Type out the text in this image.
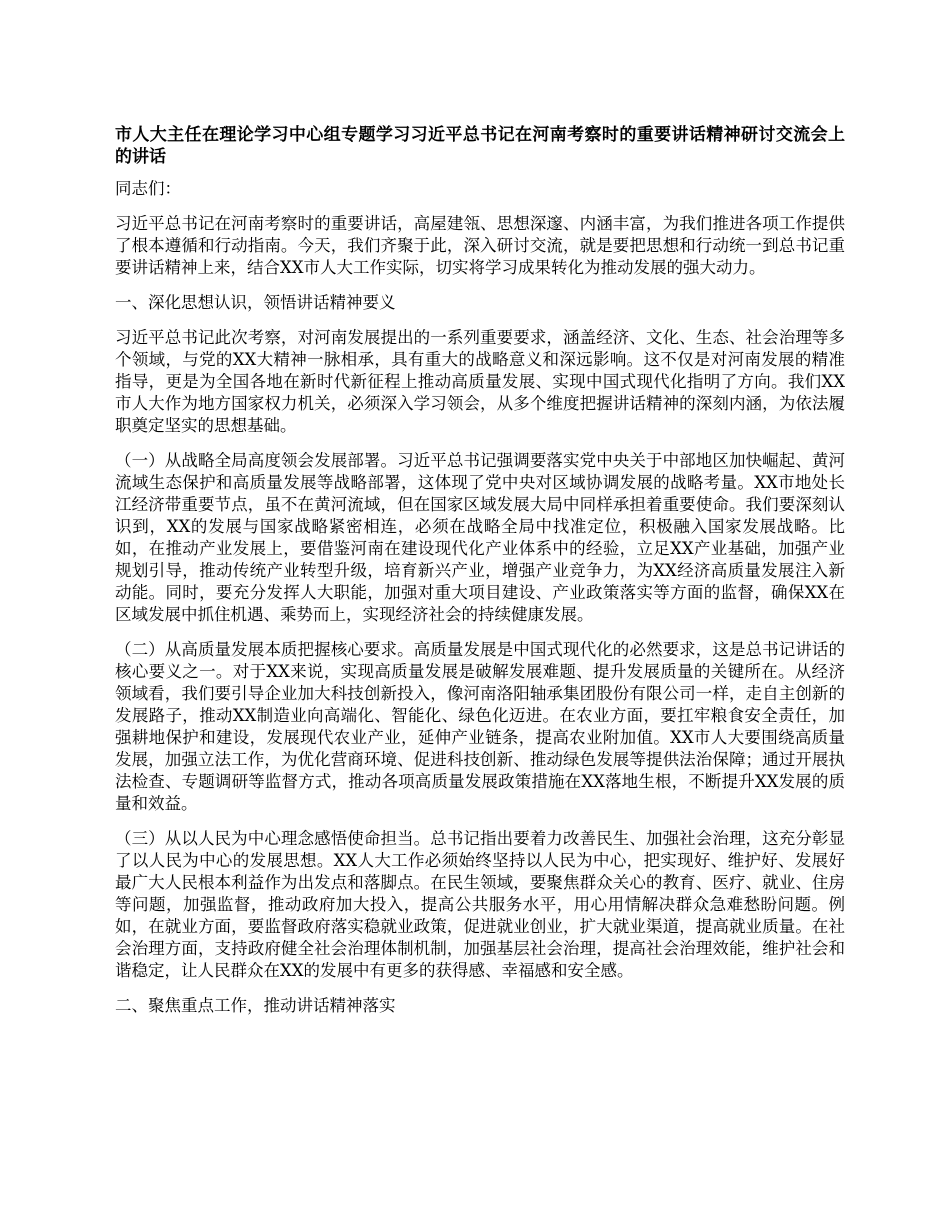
市人大主任在理论学习中心组专题学习习近平总书记在河南考察时的重要讲话精神研讨交流会上的讲话
同志们：
习近平总书记在河南考察时的重要讲话，高屋建瓴、思想深邃、内涵丰富，为我们推进各项工作提供了根本遵循和行动指南。今天，我们齐聚于此，深入研讨交流，就是要把思想和行动统一到总书记重要讲话精神上来，结合XX市人大工作实际，切实将学习成果转化为推动发展的强大动力。
一、深化思想认识，领悟讲话精神要义
习近平总书记此次考察，对河南发展提出的一系列重要要求，涵盖经济、文化、生态、社会治理等多个领域，与党的XX大精神一脉相承，具有重大的战略意义和深远影响。这不仅是对河南发展的精准指导，更是为全国各地在新时代新征程上推动高质量发展、实现中国式现代化指明了方向。我们XX市人大作为地方国家权力机关，必须深入学习领会，从多个维度把握讲话精神的深刻内涵，为依法履职奠定坚实的思想基础。
（一）从战略全局高度领会发展部署。习近平总书记强调要落实党中央关于中部地区加快崛起、黄河流域生态保护和高质量发展等战略部署，这体现了党中央对区域协调发展的战略考量。XX市地处长江经济带重要节点，虽不在黄河流域，但在国家区域发展大局中同样承担着重要使命。我们要深刻认识到，XX的发展与国家战略紧密相连，必须在战略全局中找准定位，积极融入国家发展战略。比如，在推动产业发展上，要借鉴河南在建设现代化产业体系中的经验，立足XX产业基础，加强产业规划引导，推动传统产业转型升级，培育新兴产业，增强产业竞争力，为XX经济高质量发展注入新动能。同时，要充分发挥人大职能，加强对重大项目建设、产业政策落实等方面的监督，确保XX在区域发展中抓住机遇、乘势而上，实现经济社会的持续健康发展。
（二）从高质量发展本质把握核心要求。高质量发展是中国式现代化的必然要求，这是总书记讲话的核心要义之一。对于XX来说，实现高质量发展是破解发展难题、提升发展质量的关键所在。从经济领域看，我们要引导企业加大科技创新投入，像河南洛阳轴承集团股份有限公司一样，走自主创新的发展路子，推动XX制造业向高端化、智能化、绿色化迈进。在农业方面，要扛牢粮食安全责任，加强耕地保护和建设，发展现代农业产业，延伸产业链条，提高农业附加值。XX市人大要围绕高质量发展，加强立法工作，为优化营商环境、促进科技创新、推动绿色发展等提供法治保障；通过开展执法检查、专题调研等监督方式，推动各项高质量发展政策措施在XX落地生根，不断提升XX发展的质量和效益。
（三）从以人民为中心理念感悟使命担当。总书记指出要着力改善民生、加强社会治理，这充分彰显了以人民为中心的发展思想。XX人大工作必须始终坚持以人民为中心，把实现好、维护好、发展好最广大人民根本利益作为出发点和落脚点。在民生领域，要聚焦群众关心的教育、医疗、就业、住房等问题，加强监督，推动政府加大投入，提高公共服务水平，用心用情解决群众急难愁盼问题。例如，在就业方面，要监督政府落实稳就业政策，促进就业创业，扩大就业渠道，提高就业质量。在社会治理方面，支持政府健全社会治理体制机制，加强基层社会治理，提高社会治理效能，维护社会和谐稳定，让人民群众在XX的发展中有更多的获得感、幸福感和安全感。
二、聚焦重点工作，推动讲话精神落实
